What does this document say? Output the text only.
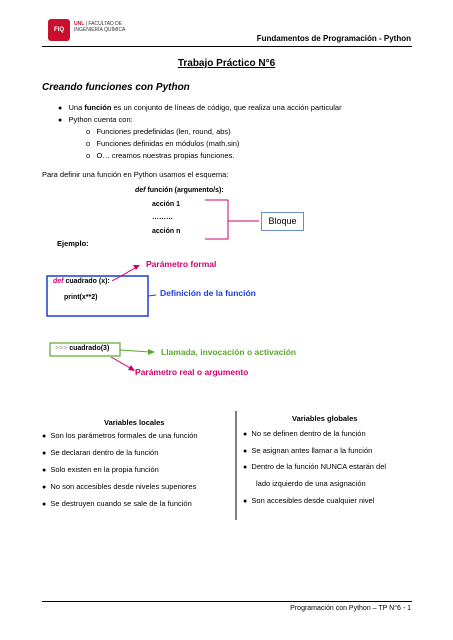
FIQ
UNL | FACULTAD DE
INGENIERÍA QUÍMICA
Fundamentos de Programación - Python
Trabajo Práctico N°6
Creando funciones con Python
● Una función es un conjunto de líneas de código, que realiza una acción particular
● Python cuenta con:
o Funciones predefinidas (len, round, abs)
o Funciones definidas en módulos (math.sin)
o O… creamos nuestras propias funciones.
Para definir una función en Python usamos el esquema:
def función (argumento/s):
acción 1
………
acción n
Bloque
Ejemplo:
Parámetro formal
def cuadrado (x):
print(x**2)	Definición de la función
>>> cuadrado(3)	Llamada, invocación o activación
Parámetro real o argumento
Variables locales
● Son los parámetros formales de una función
● Se declaran dentro de la función
● Solo existen en la propia función
● No son accesibles desde niveles superiores
● Se destruyen cuando se sale de la función
Variables globales
● No se definen dentro de la función
● Se asignan antes llamar a la función
● Dentro de la función NUNCA estarán del
lado izquierdo de una asignación
● Son accesibles desde cualquier nivel
Programación con Python – TP N°6 - 1
